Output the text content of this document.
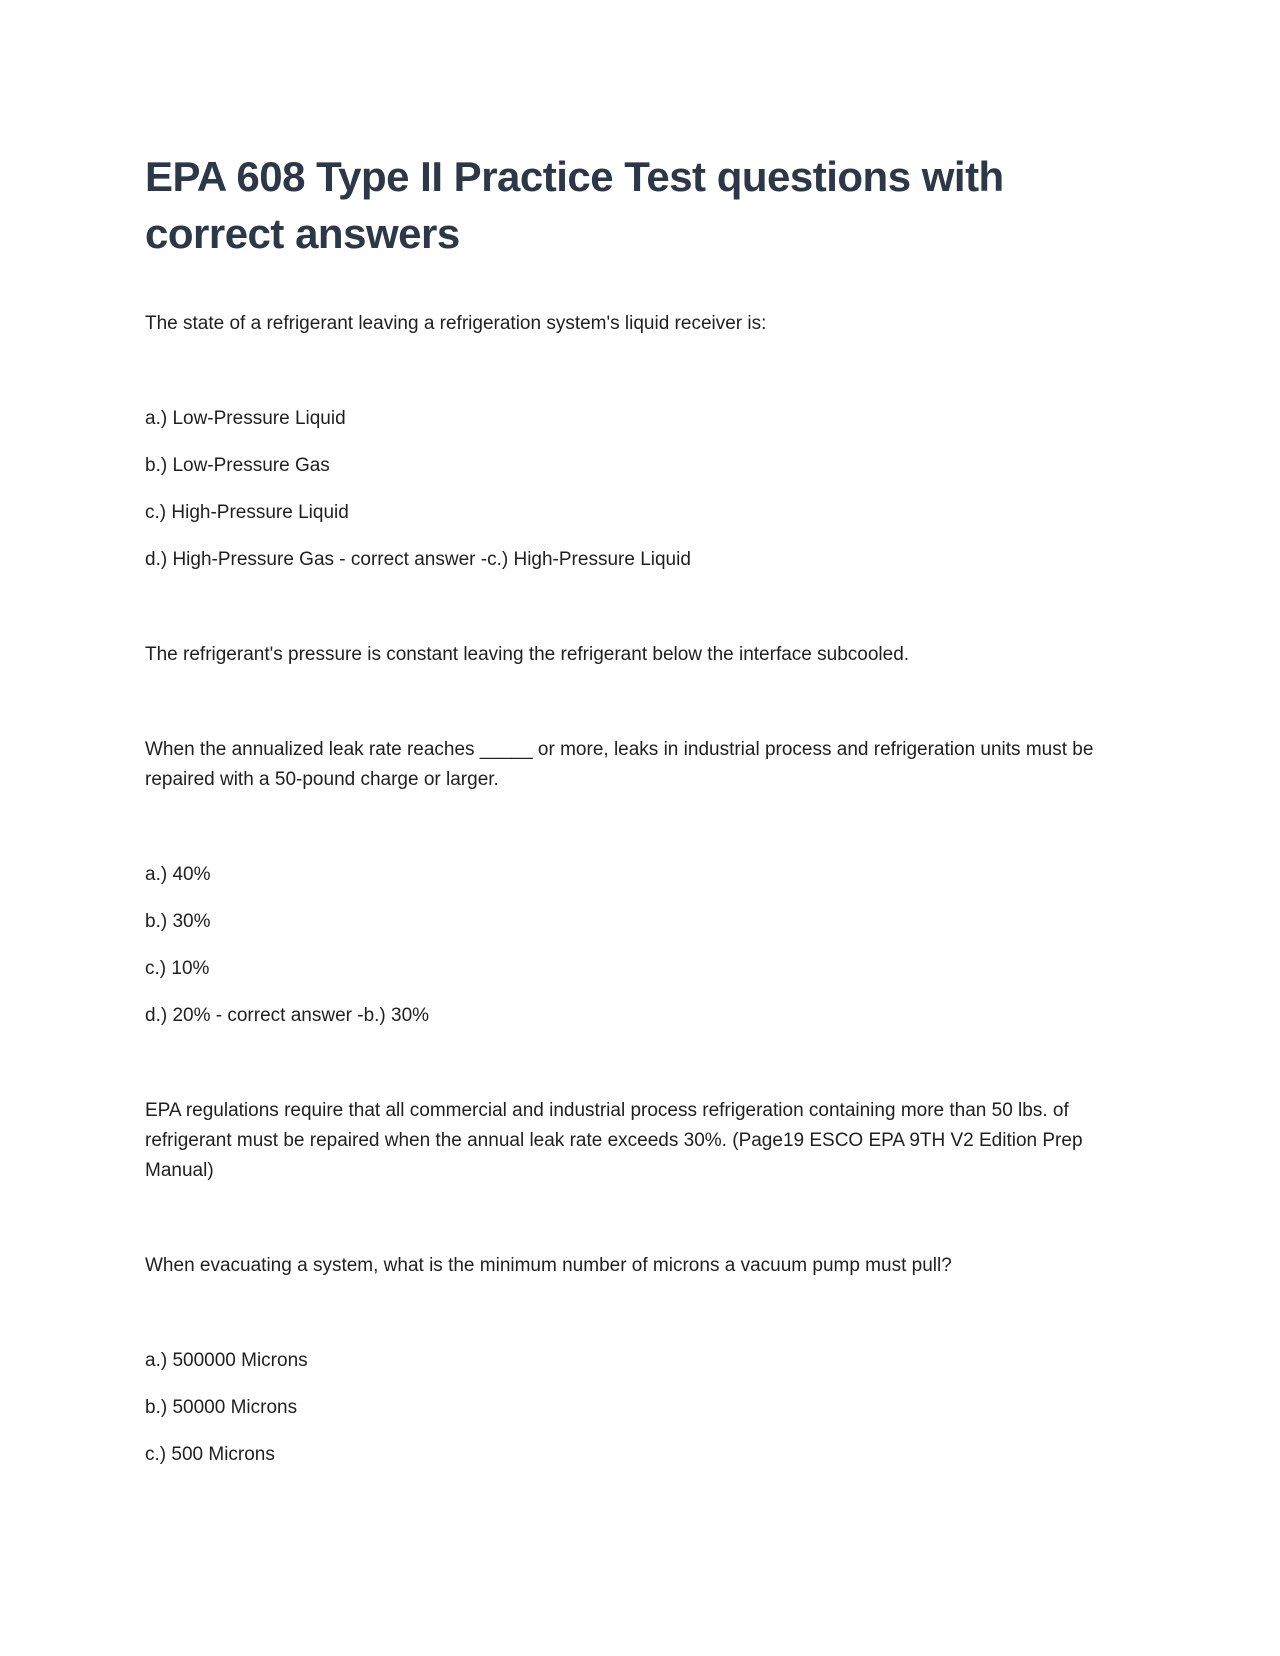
EPA 608 Type II Practice Test questions with correct answers

The state of a refrigerant leaving a refrigeration system's liquid receiver is:

a.) Low-Pressure Liquid

b.) Low-Pressure Gas

c.) High-Pressure Liquid

d.) High-Pressure Gas - correct answer -c.) High-Pressure Liquid

The refrigerant's pressure is constant leaving the refrigerant below the interface subcooled.

When the annualized leak rate reaches _____ or more, leaks in industrial process and refrigeration units must be repaired with a 50-pound charge or larger.

a.) 40%

b.) 30%

c.) 10%

d.) 20% - correct answer -b.) 30%

EPA regulations require that all commercial and industrial process refrigeration containing more than 50 lbs. of refrigerant must be repaired when the annual leak rate exceeds 30%. (Page19 ESCO EPA 9TH V2 Edition Prep Manual)

When evacuating a system, what is the minimum number of microns a vacuum pump must pull?

a.) 500000 Microns

b.) 50000 Microns

c.) 500 Microns
